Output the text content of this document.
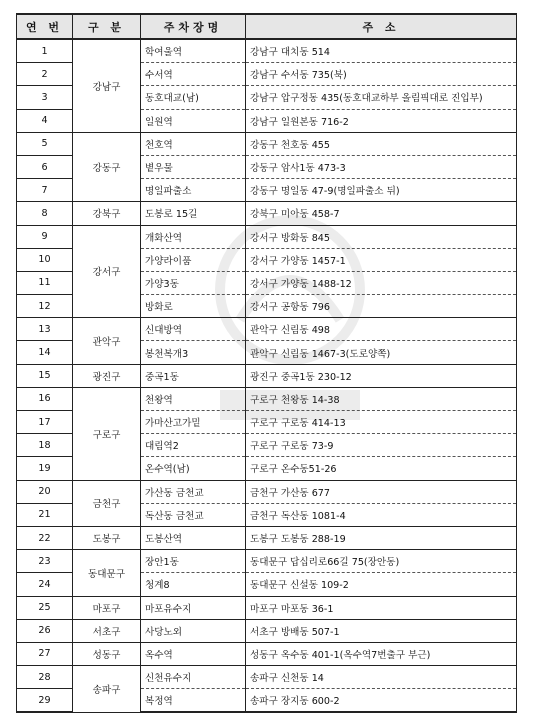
연 번	구 분	주차장명	주 소
1	강남구	학여울역	강남구 대치동 514
2		수서역	강남구 수서동 735(북)
3		동호대교(남)	강남구 압구정동 435(동호대교하부 올림픽대로 진입부)
4		일원역	강남구 일원본동 716-2
5	강동구	천호역	강동구 천호동 455
6		볕우물	강동구 암사1동 473-3
7		명일파출소	강동구 명일동 47-9(명일파출소 뒤)
8	강북구	도봉로 15길	강북구 미아동 458-7
9	강서구	개화산역	강서구 방화동 845
10		가양라이품	강서구 가양동 1457-1
11		가양3동	강서구 가양동 1488-12
12		방화로	강서구 공항동 796
13	관악구	신대방역	관악구 신림동 498
14		봉천복개3	관악구 신림동 1467-3(도로양쪽)
15	광진구	중곡1동	광진구 중곡1동 230-12
16	구로구	천왕역	구로구 천왕동 14-38
17		가마산고가밑	구로구 구로동 414-13
18		대림역2	구로구 구로동 73-9
19		온수역(남)	구로구 온수동51-26
20	금천구	가산동 금천교	금천구 가산동 677
21		독산동 금천교	금천구 독산동 1081-4
22	도봉구	도봉산역	도봉구 도봉동 288-19
23	동대문구	장안1동	동대문구 답십리로66길 75(장안동)
24		청계8	동대문구 신설동 109-2
25	마포구	마포유수지	마포구 마포동 36-1
26	서초구	사당노외	서초구 방배동 507-1
27	성동구	옥수역	성동구 옥수동 401-1(옥수역7번출구 부근)
28	송파구	신천유수지	송파구 신천동 14
29		복정역	송파구 장지동 600-2
